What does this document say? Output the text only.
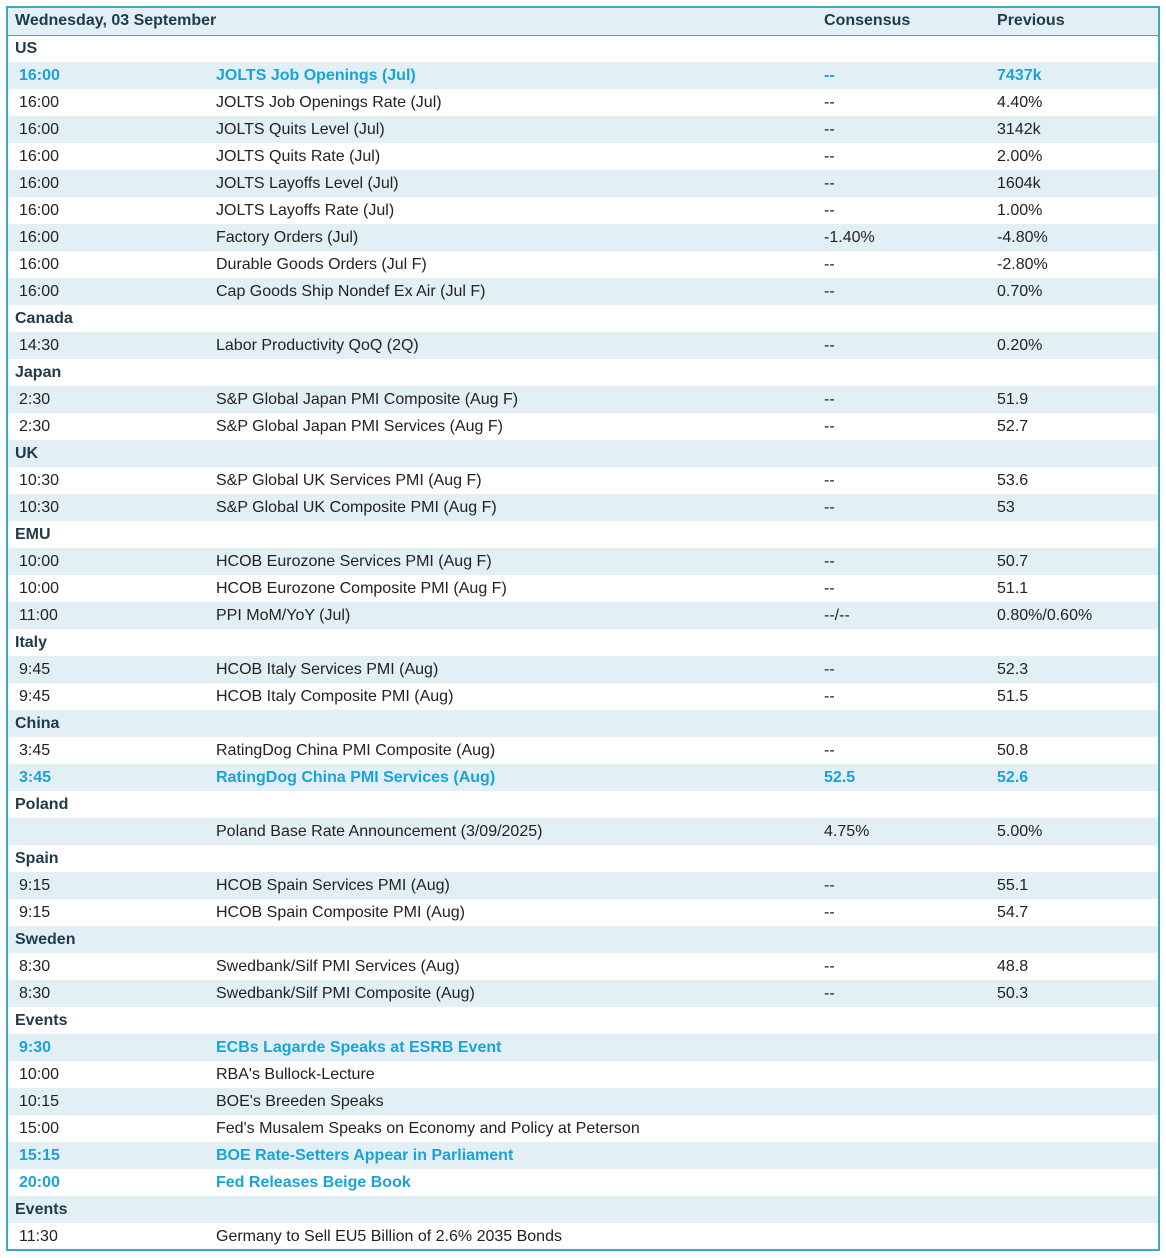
Wednesday, 03 September		Consensus	Previous
US			
16:00	JOLTS Job Openings (Jul)	--	7437k
16:00	JOLTS Job Openings Rate (Jul)	--	4.40%
16:00	JOLTS Quits Level (Jul)	--	3142k
16:00	JOLTS Quits Rate (Jul)	--	2.00%
16:00	JOLTS Layoffs Level (Jul)	--	1604k
16:00	JOLTS Layoffs Rate (Jul)	--	1.00%
16:00	Factory Orders (Jul)	-1.40%	-4.80%
16:00	Durable Goods Orders (Jul F)	--	-2.80%
16:00	Cap Goods Ship Nondef Ex Air (Jul F)	--	0.70%
Canada			
14:30	Labor Productivity QoQ (2Q)	--	0.20%
Japan			
2:30	S&P Global Japan PMI Composite (Aug F)	--	51.9
2:30	S&P Global Japan PMI Services (Aug F)	--	52.7
UK			
10:30	S&P Global UK Services PMI (Aug F)	--	53.6
10:30	S&P Global UK Composite PMI (Aug F)	--	53
EMU			
10:00	HCOB Eurozone Services PMI (Aug F)	--	50.7
10:00	HCOB Eurozone Composite PMI (Aug F)	--	51.1
11:00	PPI MoM/YoY (Jul)	--/--	0.80%/0.60%
Italy			
9:45	HCOB Italy Services PMI (Aug)	--	52.3
9:45	HCOB Italy Composite PMI (Aug)	--	51.5
China			
3:45	RatingDog China PMI Composite (Aug)	--	50.8
3:45	RatingDog China PMI Services (Aug)	52.5	52.6
Poland			
	Poland Base Rate Announcement (3/09/2025)	4.75%	5.00%
Spain			
9:15	HCOB Spain Services PMI (Aug)	--	55.1
9:15	HCOB Spain Composite PMI (Aug)	--	54.7
Sweden			
8:30	Swedbank/Silf PMI Services (Aug)	--	48.8
8:30	Swedbank/Silf PMI Composite (Aug)	--	50.3
Events			
9:30	ECBs Lagarde Speaks at ESRB Event		
10:00	RBA's Bullock-Lecture		
10:15	BOE's Breeden Speaks		
15:00	Fed's Musalem Speaks on Economy and Policy at Peterson		
15:15	BOE Rate-Setters Appear in Parliament		
20:00	Fed Releases Beige Book		
Events			
11:30	Germany to Sell EU5 Billion of 2.6% 2035 Bonds		
